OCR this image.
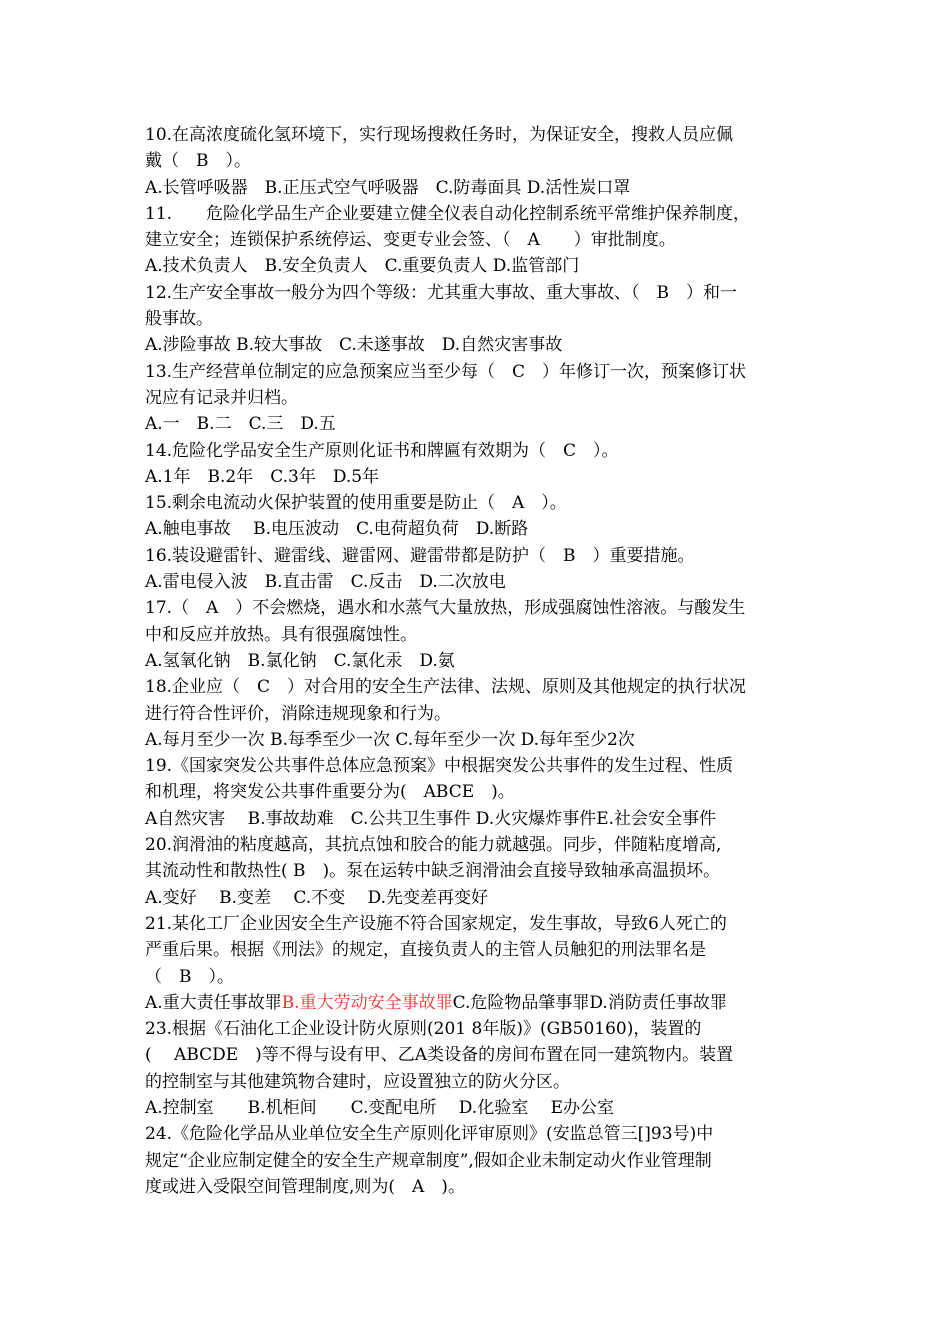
10.在高浓度硫化氢环境下，实行现场搜救任务时，为保证安全，搜救人员应佩
戴（　B　）。
A.长管呼吸器　B.正压式空气呼吸器　C.防毒面具 D.活性炭口罩
11.　　危险化学品生产企业要建立健全仪表自动化控制系统平常维护保养制度，
建立安全；连锁保护系统停运、变更专业会签、（　A　　）审批制度。
A.技术负责人　B.安全负责人　C.重要负责人 D.监管部门
12.生产安全事故一般分为四个等级：尤其重大事故、重大事故、（　B　）和一
般事故。
A.涉险事故 B.较大事故　C.未遂事故　D.自然灾害事故
13.生产经营单位制定的应急预案应当至少每（　C　）年修订一次，预案修订状
况应有记录并归档。
A.一　B.二　C.三　D.五
14.危险化学品安全生产原则化证书和牌匾有效期为（　C　）。
A.1年　B.2年　C.3年　D.5年
15.剩余电流动火保护装置的使用重要是防止（　A　）。
A.触电事故　 B.电压波动　C.电荷超负荷　D.断路
16.装设避雷针、避雷线、避雷网、避雷带都是防护（　B　）重要措施。
A.雷电侵入波　B.直击雷　C.反击　D.二次放电
17.（　A　）不会燃烧，遇水和水蒸气大量放热，形成强腐蚀性溶液。与酸发生
中和反应并放热。具有很强腐蚀性。
A.氢氧化钠　B.氯化钠　C.氯化汞　D.氨
18.企业应（　C　）对合用的安全生产法律、法规、原则及其他规定的执行状况
进行符合性评价，消除违规现象和行为。
A.每月至少一次 B.每季至少一次 C.每年至少一次 D.每年至少2次
19.《国家突发公共事件总体应急预案》中根据突发公共事件的发生过程、性质
和机理，将突发公共事件重要分为(　ABCE　)。
A自然灾害　 B.事故劫难　C.公共卫生事件 D.火灾爆炸事件E.社会安全事件
20.润滑油的粘度越高，其抗点蚀和胶合的能力就越强。同步，伴随粘度增高,
其流动性和散热性( B　)。泵在运转中缺乏润滑油会直接导致轴承高温损坏。
A.变好　 B.变差　 C.不变　 D.先变差再变好
21.某化工厂企业因安全生产设施不符合国家规定，发生事故，导致6人死亡的
严重后果。根据《刑法》的规定，直接负责人的主管人员触犯的刑法罪名是
（　B　）。
A.重大责任事故罪B.重大劳动安全事故罪C.危险物品肇事罪D.消防责任事故罪
23.根据《石油化工企业设计防火原则(201 8年版)》(GB50160)，装置的
(　 ABCDE　)等不得与设有甲、乙A类设备的房间布置在同一建筑物内。装置
的控制室与其他建筑物合建时，应设置独立的防火分区。
A.控制室　　B.机柜间　　C.变配电所　 D.化验室　 E办公室
24.《危险化学品从业单位安全生产原则化评审原则》(安监总管三[]93号)中
规定“企业应制定健全的安全生产规章制度”,假如企业未制定动火作业管理制
度或进入受限空间管理制度,则为(　A　)。
